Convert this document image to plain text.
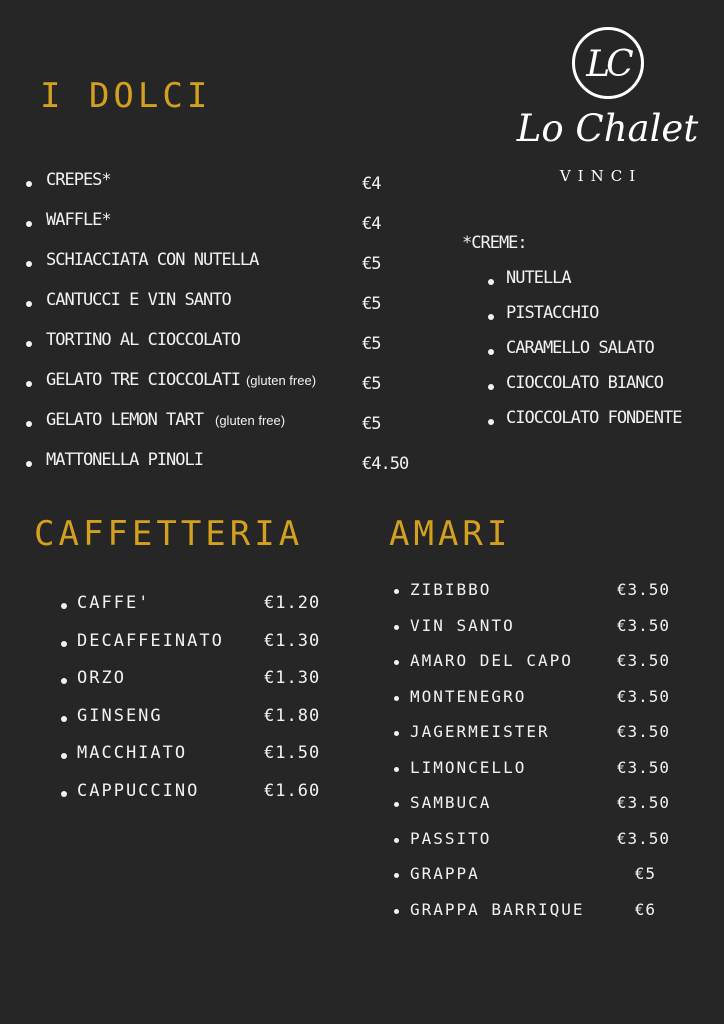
I DOLCI
LC
Lo Chalet
VINCI
CREPES*	€4
WAFFLE*	€4
SCHIACCIATA CON NUTELLA	€5
CANTUCCI E VIN SANTO	€5
TORTINO AL CIOCCOLATO	€5
GELATO TRE CIOCCOLATI (gluten free)	€5
GELATO LEMON TART (gluten free)	€5
MATTONELLA PINOLI	€4.50
*CREME:
NUTELLA
PISTACCHIO
CARAMELLO SALATO
CIOCCOLATO BIANCO
CIOCCOLATO FONDENTE
CAFFETTERIA
CAFFE'	€1.20
DECAFFEINATO €1.30
ORZO	€1.30
GINSENG	€1.80
MACCHIATO	€1.50
CAPPUCCINO	€1.60
AMARI
ZIBIBBO	€3.50
VIN SANTO	€3.50
AMARO DEL CAPO	€3.50
MONTENEGRO	€3.50
JAGERMEISTER	€3.50
LIMONCELLO	€3.50
SAMBUCA	€3.50
PASSITO	€3.50
GRAPPA	€5
GRAPPA BARRIQUE	€6
